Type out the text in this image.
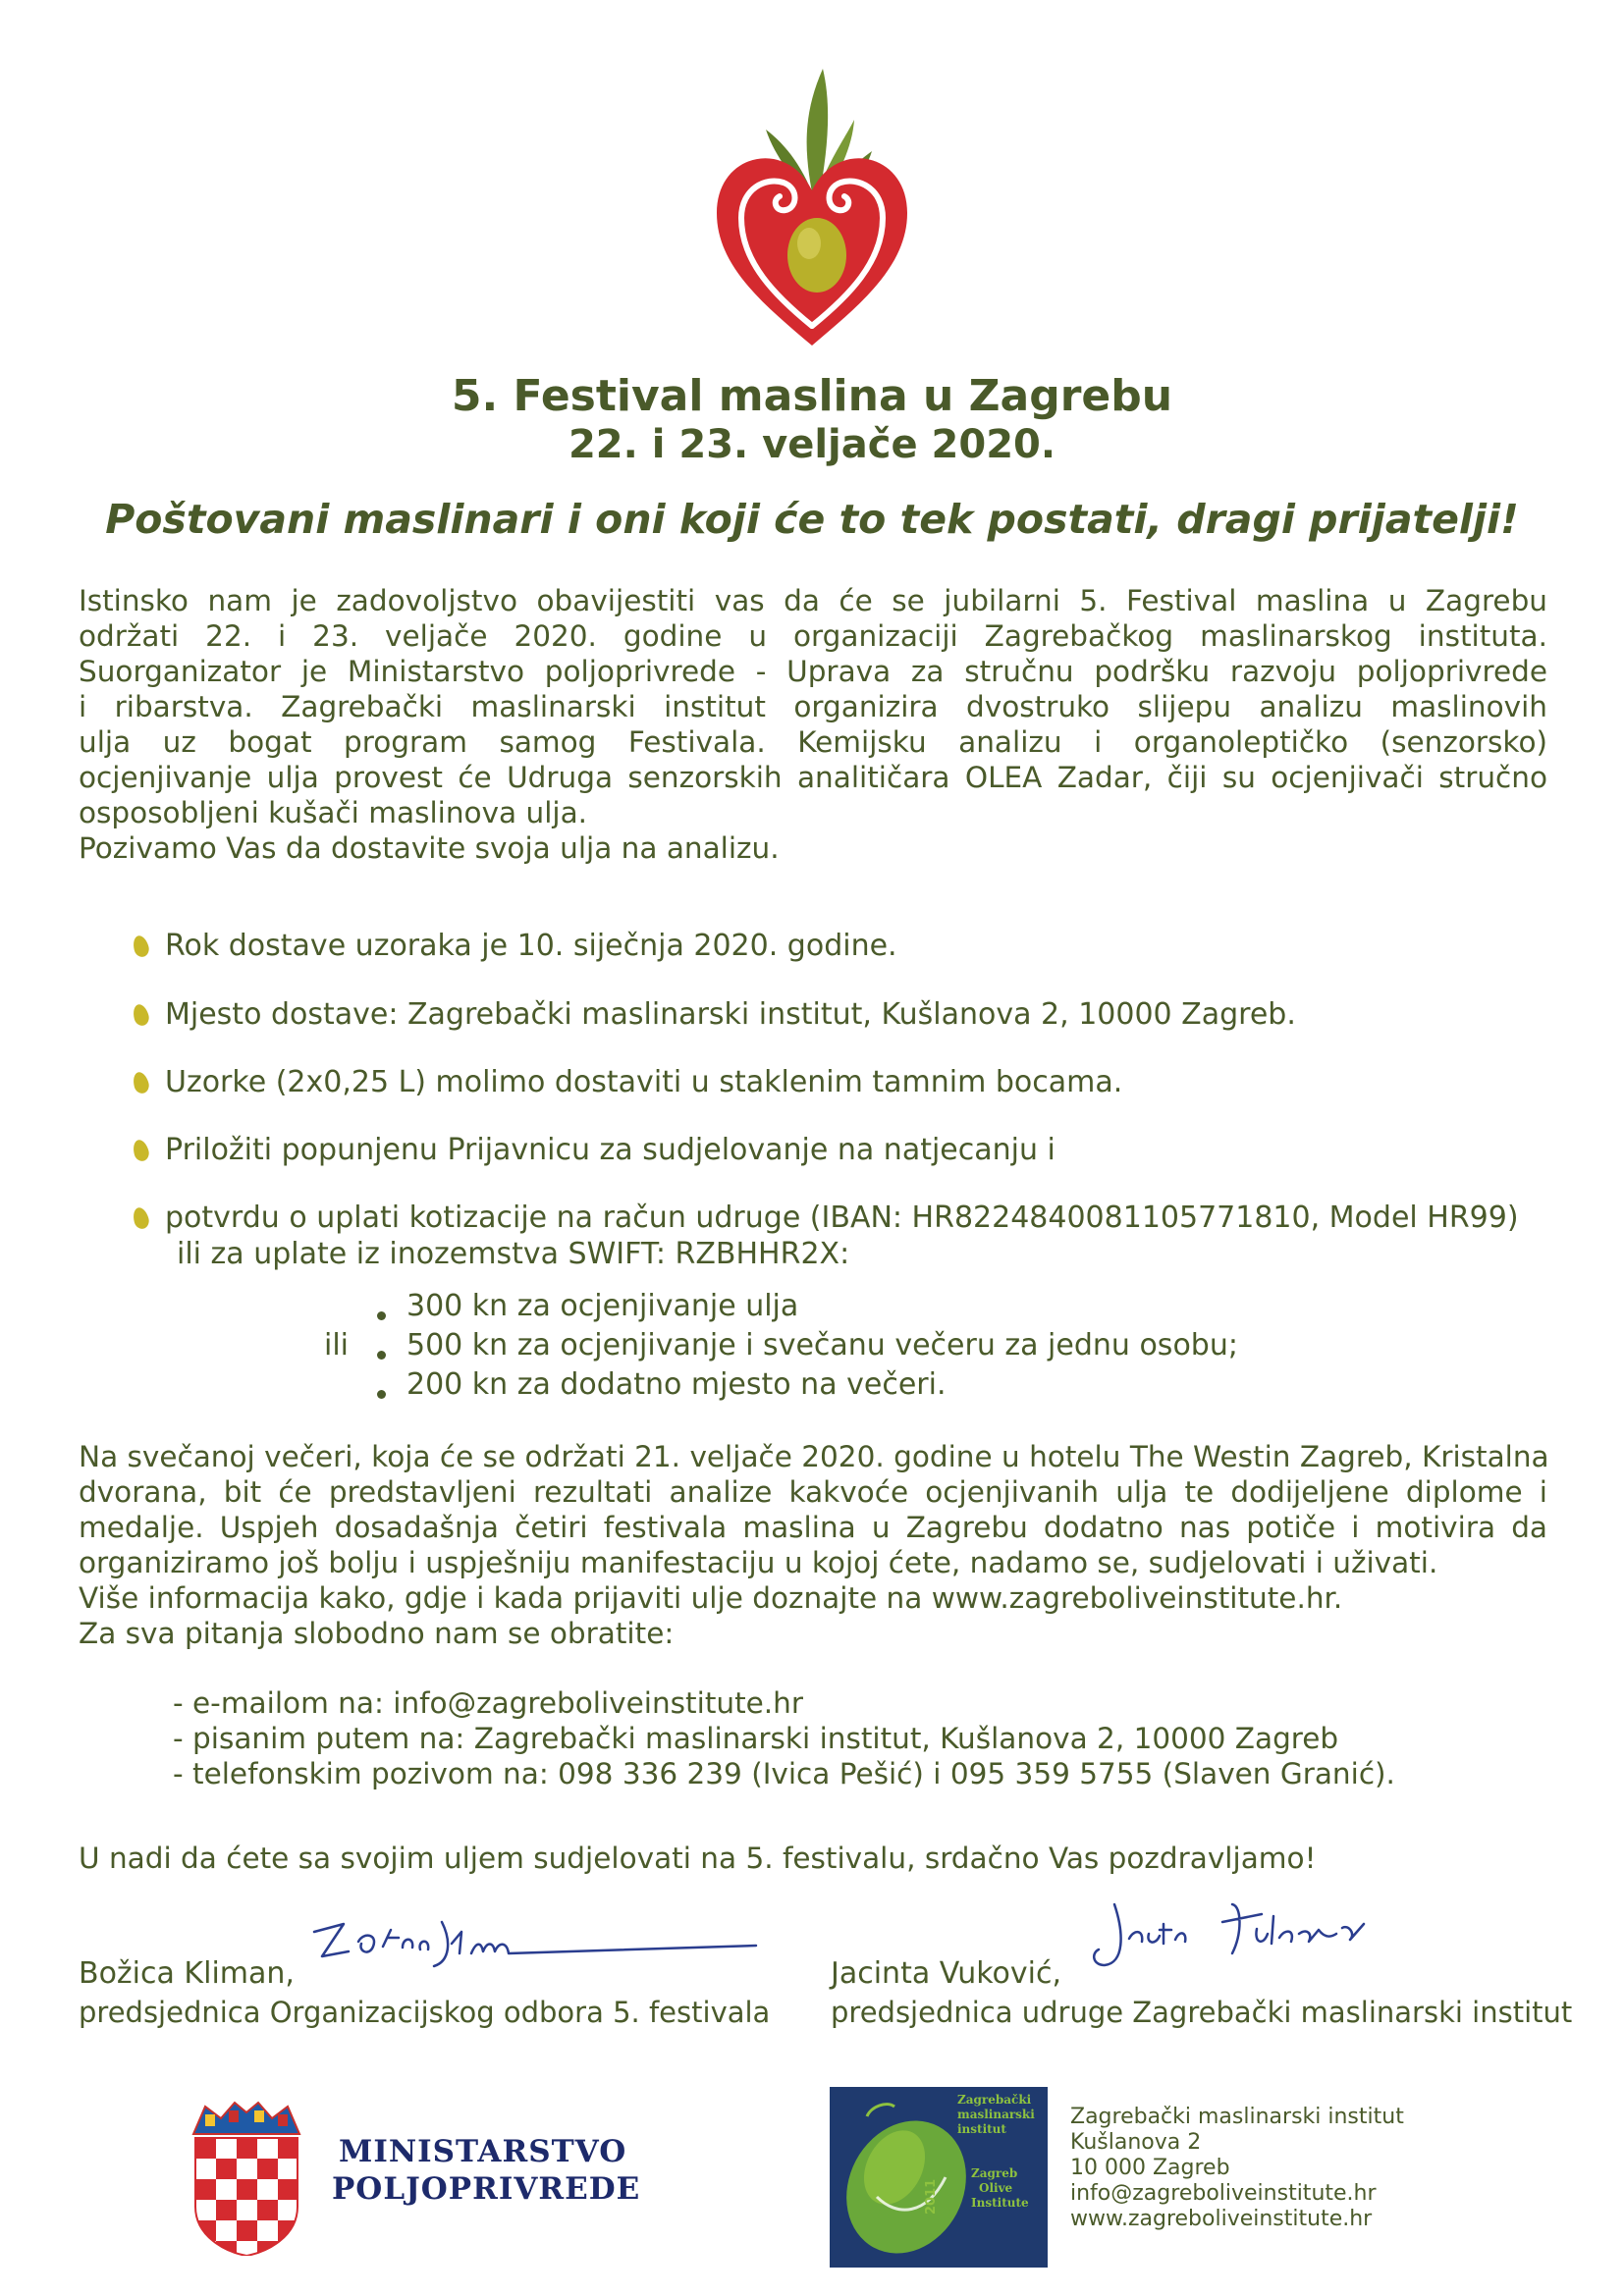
5. Festival maslina u Zagrebu
22. i 23. veljače 2020.
Poštovani maslinari i oni koji će to tek postati, dragi prijatelji!
Istinsko nam je zadovoljstvo obavijestiti vas da će se jubilarni 5. Festival maslina u Zagrebu
održati 22. i 23. veljače 2020. godine u organizaciji Zagrebačkog maslinarskog instituta.
Suorganizator je Ministarstvo poljoprivrede - Uprava za stručnu podršku razvoju poljoprivrede
i ribarstva. Zagrebački maslinarski institut organizira dvostruko slijepu analizu maslinovih
ulja uz bogat program samog Festivala. Kemijsku analizu i organoleptičko (senzorsko)
ocjenjivanje ulja provest će Udruga senzorskih analitičara OLEA Zadar, čiji su ocjenjivači stručno
osposobljeni kušači maslinova ulja.
Pozivamo Vas da dostavite svoja ulja na analizu.
Rok dostave uzoraka je 10. siječnja 2020. godine.
Mjesto dostave: Zagrebački maslinarski institut, Kušlanova 2, 10000 Zagreb.
Uzorke (2x0,25 L) molimo dostaviti u staklenim tamnim bocama.
Priložiti popunjenu Prijavnicu za sudjelovanje na natjecanju i
potvrdu o uplati kotizacije na račun udruge (IBAN: HR8224840081105771810, Model HR99)
ili za uplate iz inozemstva SWIFT: RZBHHR2X:
300 kn za ocjenjivanje ulja
ili 500 kn za ocjenjivanje i svečanu večeru za jednu osobu;
200 kn za dodatno mjesto na večeri.
Na svečanoj večeri, koja će se održati 21. veljače 2020. godine u hotelu The Westin Zagreb, Kristalna
dvorana, bit će predstavljeni rezultati analize kakvoće ocjenjivanih ulja te dodijeljene diplome i
medalje. Uspjeh dosadašnja četiri festivala maslina u Zagrebu dodatno nas potiče i motivira da
organiziramo još bolju i uspješniju manifestaciju u kojoj ćete, nadamo se, sudjelovati i uživati.
Više informacija kako, gdje i kada prijaviti ulje doznajte na www.zagreboliveinstitute.hr.
Za sva pitanja slobodno nam se obratite:
- e-mailom na: info@zagreboliveinstitute.hr
- pisanim putem na: Zagrebački maslinarski institut, Kušlanova 2, 10000 Zagreb
- telefonskim pozivom na: 098 336 239 (Ivica Pešić) i 095 359 5755 (Slaven Granić).
U nadi da ćete sa svojim uljem sudjelovati na 5. festivalu, srdačno Vas pozdravljamo!
Božica Kliman,
predsjednica Organizacijskog odbora 5. festivala
Jacinta Vuković,
predsjednica udruge Zagrebački maslinarski institut
MINISTARSTVO
POLJOPRIVREDE
Zagrebački
maslinarski
institut
Zagreb
Olive
Institute
2011
Zagrebački maslinarski institut
Kušlanova 2
10 000 Zagreb
info@zagreboliveinstitute.hr
www.zagreboliveinstitute.hr
